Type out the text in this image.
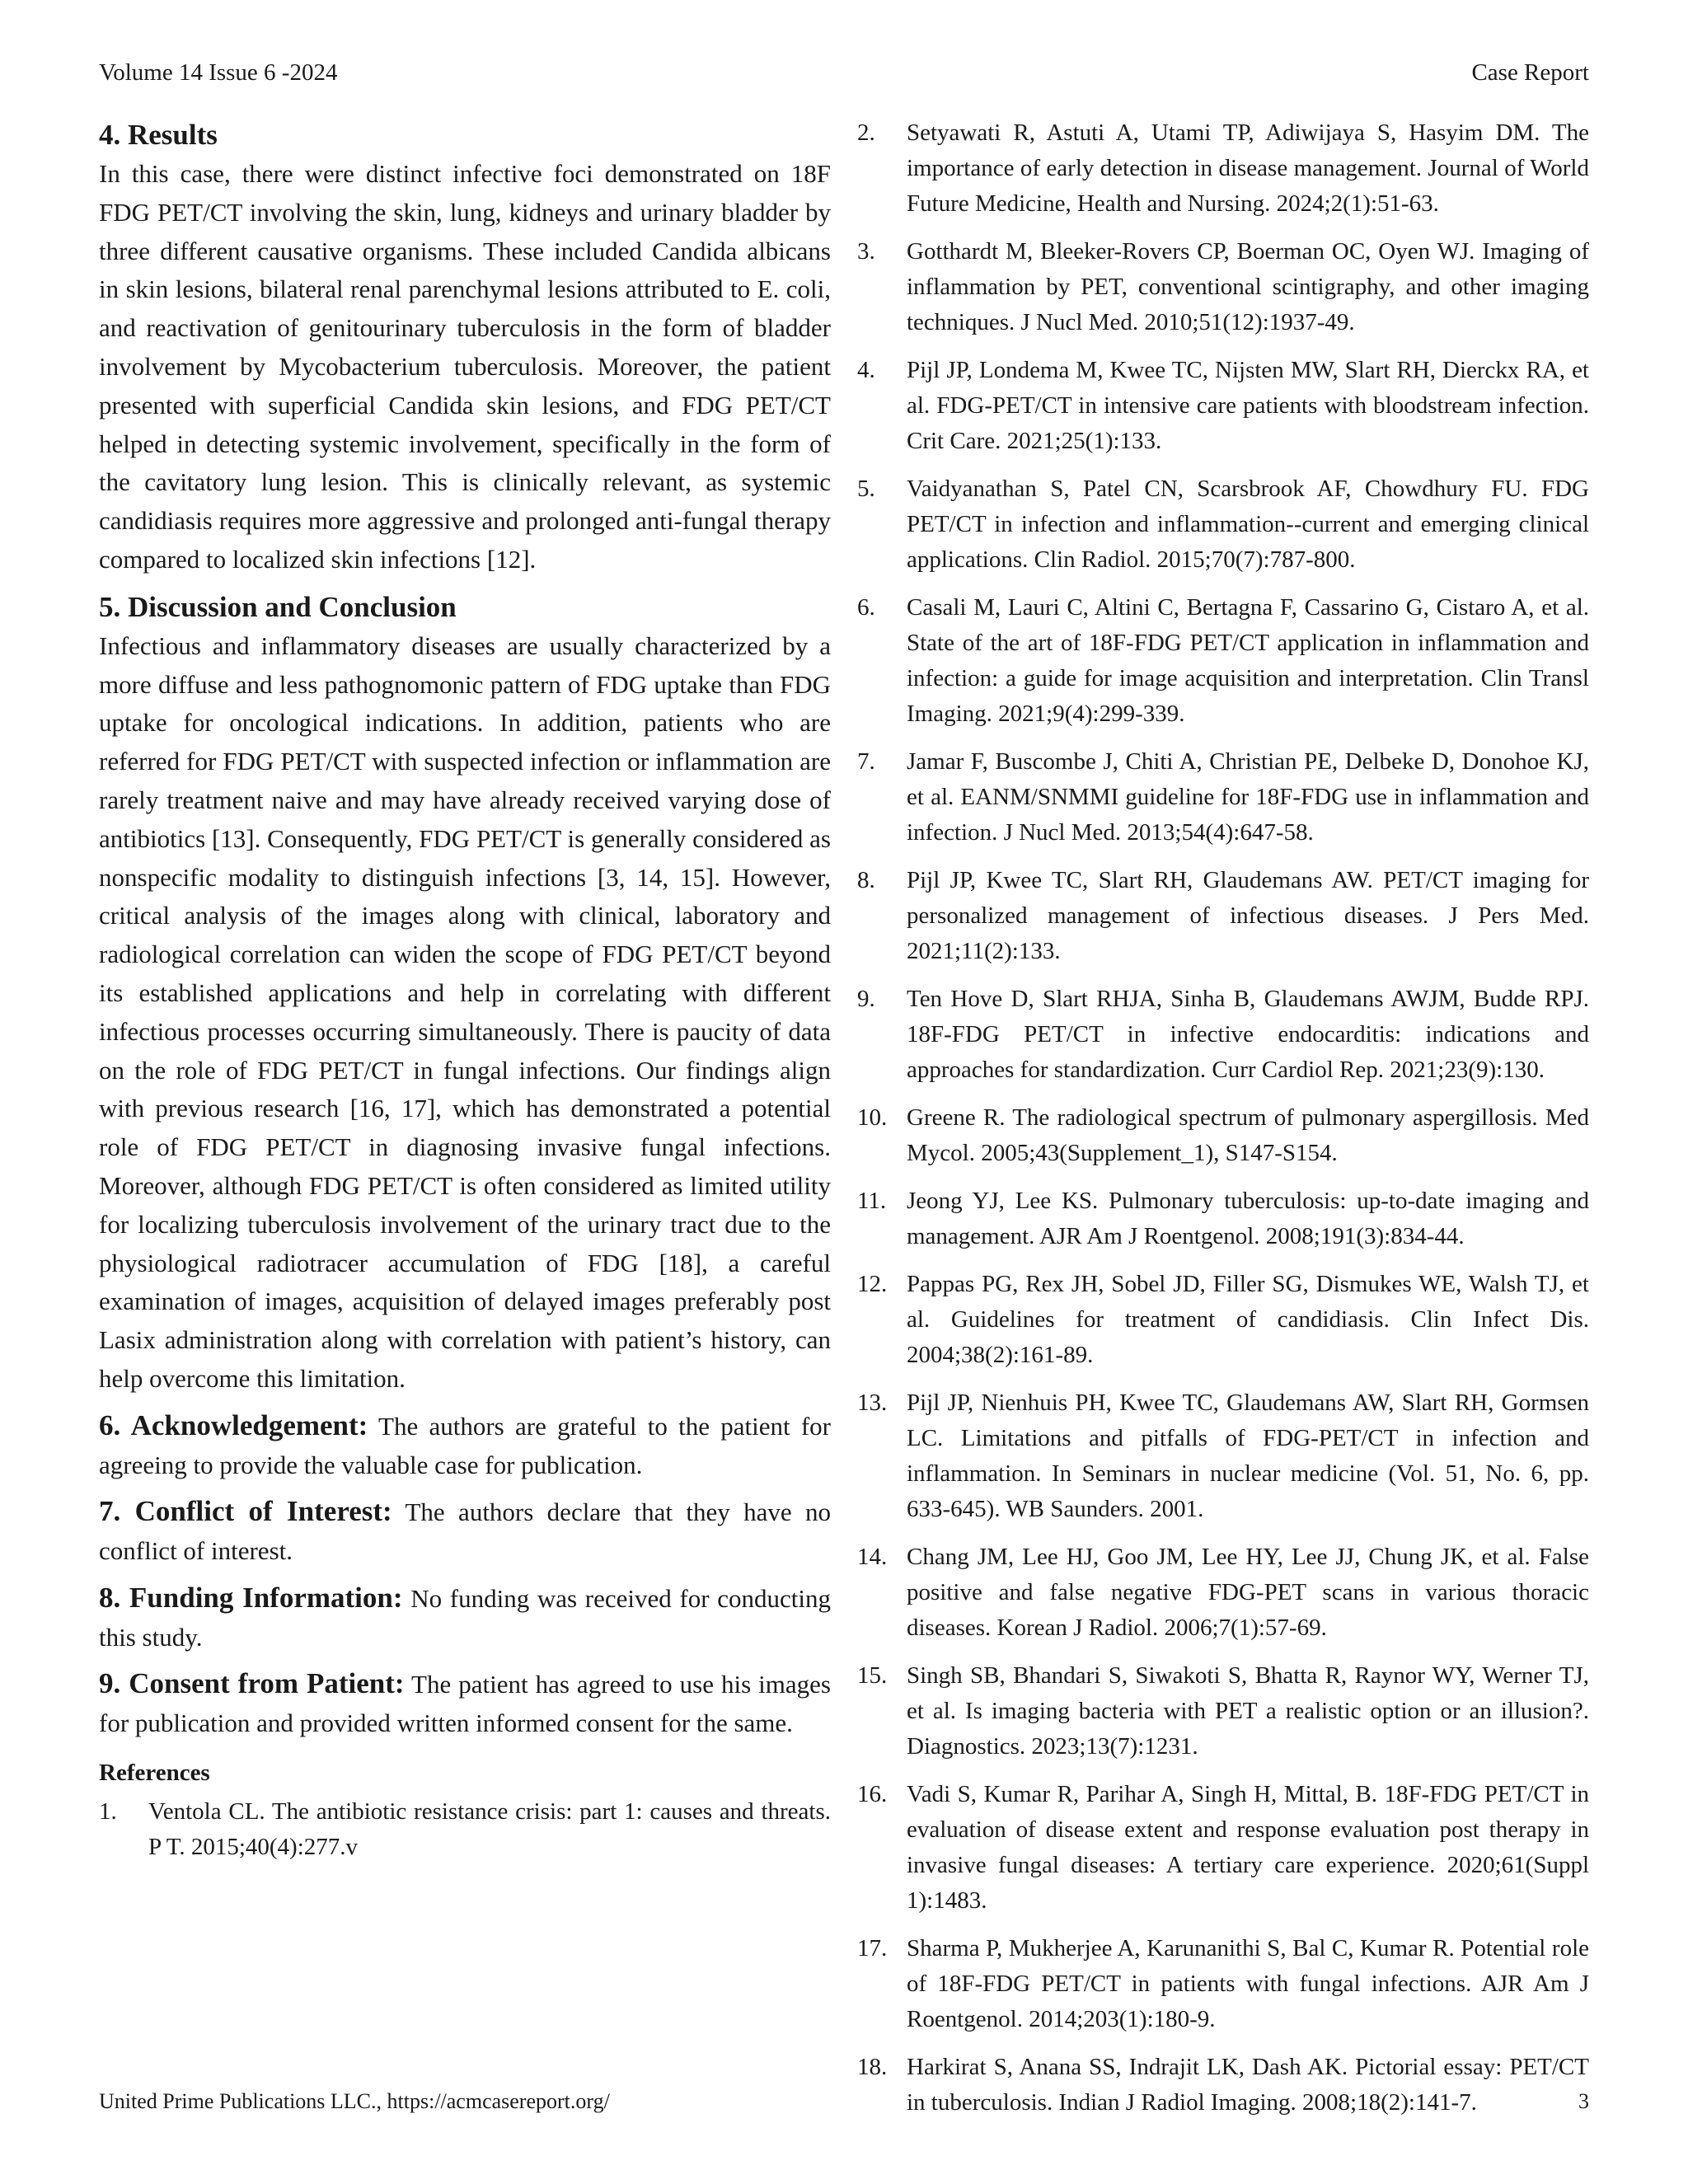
Volume 14 Issue 6 -2024	Case Report
4. Results

In this case, there were distinct infective foci demonstrated on 18F FDG PET/CT involving the skin, lung, kidneys and urinary bladder by three different causative organisms. These included Candida albicans in skin lesions, bilateral renal parenchymal lesions attributed to E. coli, and reactivation of genitourinary tuberculosis in the form of bladder involvement by Mycobacterium tuberculosis. Moreover, the patient presented with superficial Candida skin lesions, and FDG PET/CT helped in detecting systemic involvement, specifically in the form of the cavitatory lung lesion. This is clinically relevant, as systemic candidiasis requires more aggressive and prolonged anti-fungal therapy compared to localized skin infections [12].

5. Discussion and Conclusion

Infectious and inflammatory diseases are usually characterized by a more diffuse and less pathognomonic pattern of FDG uptake than FDG uptake for oncological indications. In addition, patients who are referred for FDG PET/CT with suspected infection or inflammation are rarely treatment naive and may have already received varying dose of antibiotics [13]. Consequently, FDG PET/CT is generally considered as nonspecific modality to distinguish infections [3, 14, 15]. However, critical analysis of the images along with clinical, laboratory and radiological correlation can widen the scope of FDG PET/CT beyond its established applications and help in correlating with different infectious processes occurring simultaneously. There is paucity of data on the role of FDG PET/CT in fungal infections. Our findings align with previous research [16, 17], which has demonstrated a potential role of FDG PET/CT in diagnosing invasive fungal infections. Moreover, although FDG PET/CT is often considered as limited utility for localizing tuberculosis involvement of the urinary tract due to the physiological radiotracer accumulation of FDG [18], a careful examination of images, acquisition of delayed images preferably post Lasix administration along with correlation with patient’s history, can help overcome this limitation.

6. Acknowledgement: The authors are grateful to the patient for agreeing to provide the valuable case for publication.

7. Conflict of Interest: The authors declare that they have no conflict of interest.

8. Funding Information: No funding was received for conducting this study.

9. Consent from Patient: The patient has agreed to use his images for publication and provided written informed consent for the same.

References

1.	Ventola CL. The antibiotic resistance crisis: part 1: causes and threats. P T. 2015;40(4):277.v
2.	Setyawati R, Astuti A, Utami TP, Adiwijaya S, Hasyim DM. The importance of early detection in disease management. Journal of World Future Medicine, Health and Nursing. 2024;2(1):51-63.
3.	Gotthardt M, Bleeker-Rovers CP, Boerman OC, Oyen WJ. Imaging of inflammation by PET, conventional scintigraphy, and other imaging techniques. J Nucl Med. 2010;51(12):1937-49.
4.	Pijl JP, Londema M, Kwee TC, Nijsten MW, Slart RH, Dierckx RA, et al. FDG-PET/CT in intensive care patients with bloodstream infection. Crit Care. 2021;25(1):133.
5.	Vaidyanathan S, Patel CN, Scarsbrook AF, Chowdhury FU. FDG PET/CT in infection and inflammation--current and emerging clinical applications. Clin Radiol. 2015;70(7):787-800.
6.	Casali M, Lauri C, Altini C, Bertagna F, Cassarino G, Cistaro A, et al. State of the art of 18F-FDG PET/CT application in inflammation and infection: a guide for image acquisition and interpretation. Clin Transl Imaging. 2021;9(4):299-339.
7.	Jamar F, Buscombe J, Chiti A, Christian PE, Delbeke D, Donohoe KJ, et al. EANM/SNMMI guideline for 18F-FDG use in inflammation and infection. J Nucl Med. 2013;54(4):647-58.
8.	Pijl JP, Kwee TC, Slart RH, Glaudemans AW. PET/CT imaging for personalized management of infectious diseases. J Pers Med. 2021;11(2):133.
9.	Ten Hove D, Slart RHJA, Sinha B, Glaudemans AWJM, Budde RPJ. 18F-FDG PET/CT in infective endocarditis: indications and approaches for standardization. Curr Cardiol Rep. 2021;23(9):130.
10. Greene R. The radiological spectrum of pulmonary aspergillosis. Med Mycol. 2005;43(Supplement_1), S147-S154.
11. Jeong YJ, Lee KS. Pulmonary tuberculosis: up-to-date imaging and management. AJR Am J Roentgenol. 2008;191(3):834-44.
12. Pappas PG, Rex JH, Sobel JD, Filler SG, Dismukes WE, Walsh TJ, et al. Guidelines for treatment of candidiasis. Clin Infect Dis. 2004;38(2):161-89.
13. Pijl JP, Nienhuis PH, Kwee TC, Glaudemans AW, Slart RH, Gormsen LC. Limitations and pitfalls of FDG-PET/CT in infection and inflammation. In Seminars in nuclear medicine (Vol. 51, No. 6, pp. 633-645). WB Saunders. 2001.
14. Chang JM, Lee HJ, Goo JM, Lee HY, Lee JJ, Chung JK, et al. False positive and false negative FDG-PET scans in various thoracic diseases. Korean J Radiol. 2006;7(1):57-69.
15. Singh SB, Bhandari S, Siwakoti S, Bhatta R, Raynor WY, Werner TJ, et al. Is imaging bacteria with PET a realistic option or an illusion?. Diagnostics. 2023;13(7):1231.
16. Vadi S, Kumar R, Parihar A, Singh H, Mittal, B. 18F-FDG PET/CT in evaluation of disease extent and response evaluation post therapy in invasive fungal diseases: A tertiary care experience. 2020;61(Suppl 1):1483.
17. Sharma P, Mukherjee A, Karunanithi S, Bal C, Kumar R. Potential role of 18F-FDG PET/CT in patients with fungal infections. AJR Am J Roentgenol. 2014;203(1):180-9.
18. Harkirat S, Anana SS, Indrajit LK, Dash AK. Pictorial essay: PET/CT in tuberculosis. Indian J Radiol Imaging. 2008;18(2):141-7.
United Prime Publications LLC., https://acmcasereport.org/	3
